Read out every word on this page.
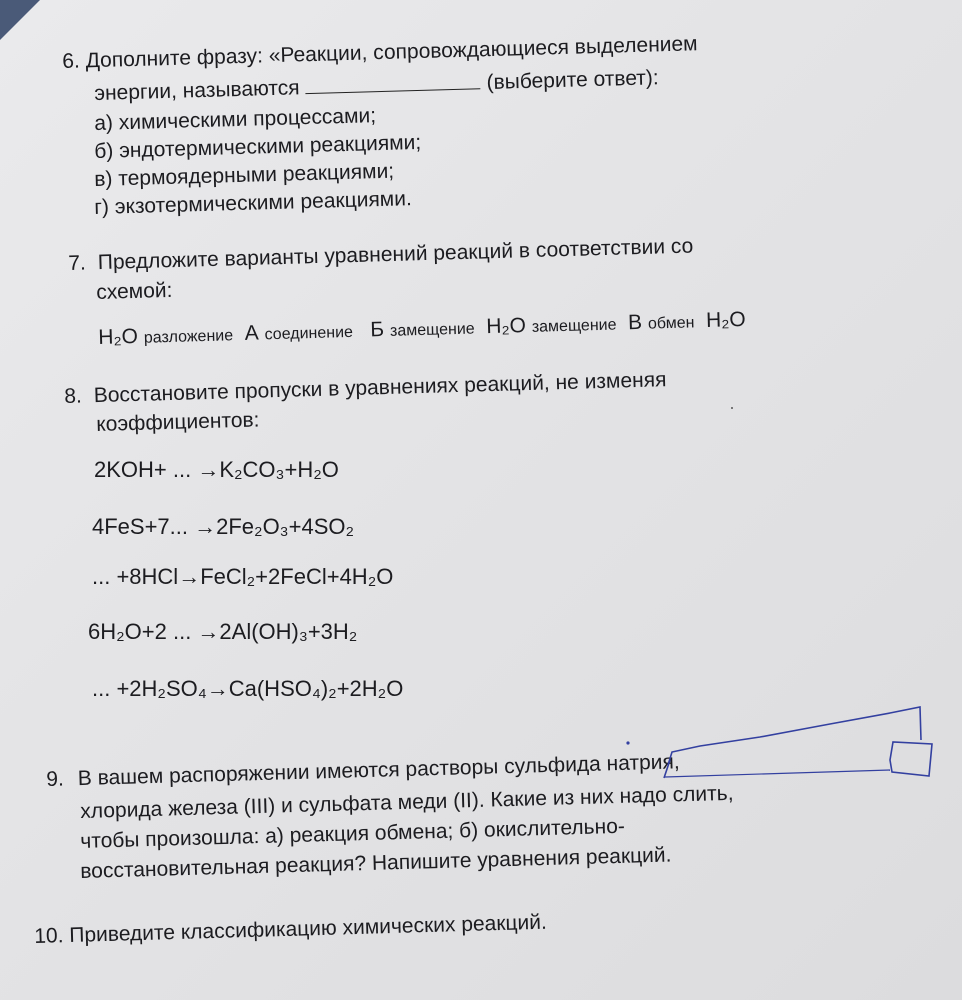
6. Дополните фразу: «Реакции, сопровождающиеся выделением
энергии, называются	(выберите ответ):
а) химическими процессами;
б) эндотермическими реакциями;
в) термоядерными реакциями;
г) экзотермическими реакциями.
7. Предложите варианты уравнений реакций в соответствии со
схемой:
H₂O разложение А соединение Б замещение H₂O замещение В обмен H₂O
8. Восстановите пропуски в уравнениях реакций, не изменяя
коэффициентов:
2KOH+ ... →K₂CO₃+H₂O
4FeS+7... →2Fe₂O₃+4SO₂
... +8HCl→FeCl₂+2FeCl+4H₂O
6H₂O+2 ... →2Al(OH)₃+3H₂
... +2H₂SO₄→Ca(HSO₄)₂+2H₂O
9. В вашем распоряжении имеются растворы сульфида натрия,
хлорида железа (III) и сульфата меди (II). Какие из них надо слить,
чтобы произошла: а) реакция обмена; б) окислительно-
восстановительная реакция? Напишите уравнения реакций.
10. Приведите классификацию химических реакций.
